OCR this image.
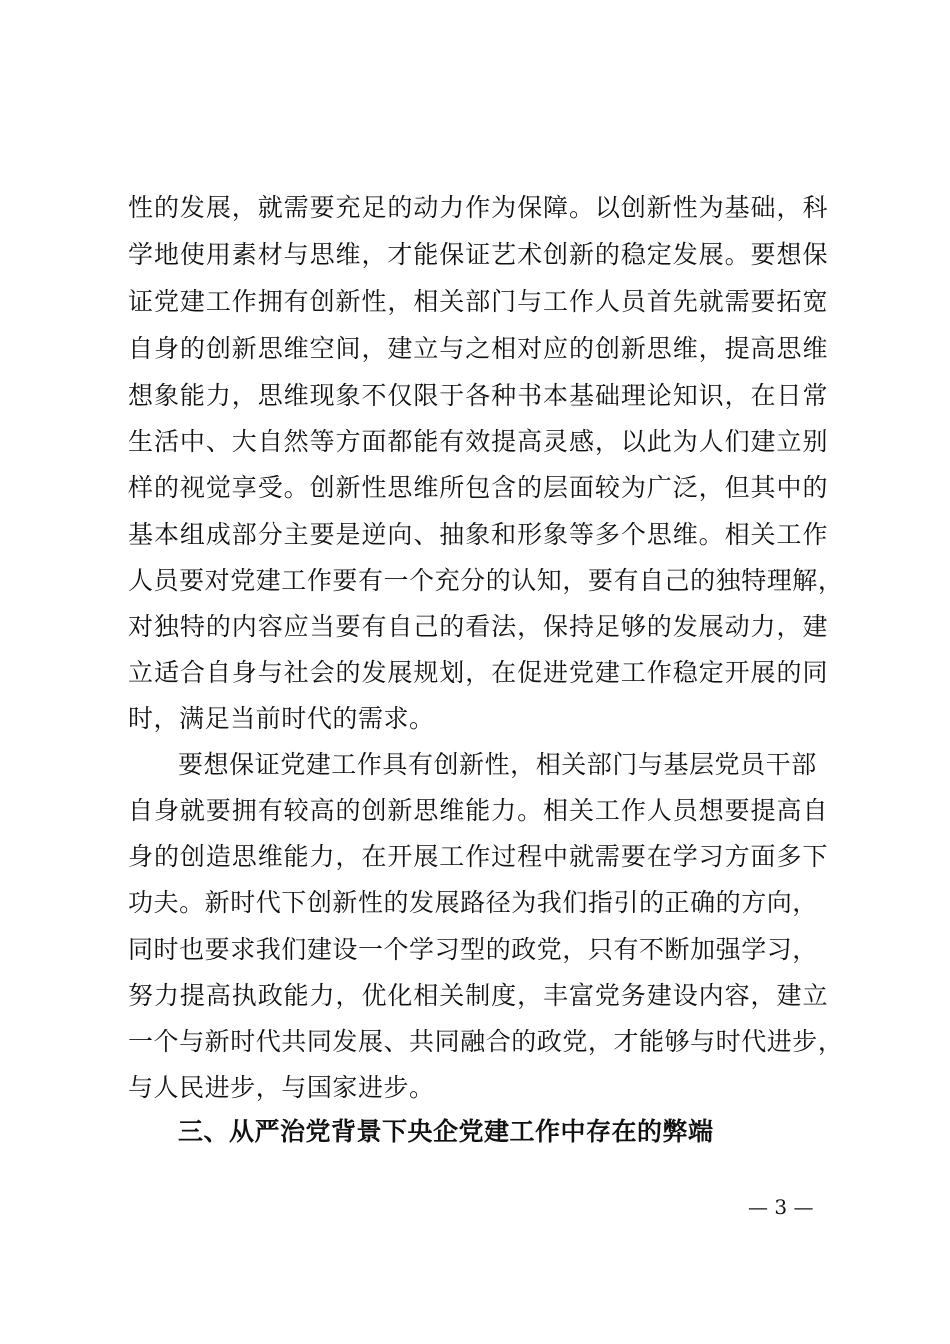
性的发展，就需要充足的动力作为保障。以创新性为基础，科
学地使用素材与思维，才能保证艺术创新的稳定发展。要想保
证党建工作拥有创新性，相关部门与工作人员首先就需要拓宽
自身的创新思维空间，建立与之相对应的创新思维，提高思维
想象能力，思维现象不仅限于各种书本基础理论知识，在日常
生活中、大自然等方面都能有效提高灵感，以此为人们建立别
样的视觉享受。创新性思维所包含的层面较为广泛，但其中的
基本组成部分主要是逆向、抽象和形象等多个思维。相关工作
人员要对党建工作要有一个充分的认知，要有自己的独特理解，
对独特的内容应当要有自己的看法，保持足够的发展动力，建
立适合自身与社会的发展规划，在促进党建工作稳定开展的同
时，满足当前时代的需求。
要想保证党建工作具有创新性，相关部门与基层党员干部
自身就要拥有较高的创新思维能力。相关工作人员想要提高自
身的创造思维能力，在开展工作过程中就需要在学习方面多下
功夫。新时代下创新性的发展路径为我们指引的正确的方向，
同时也要求我们建设一个学习型的政党，只有不断加强学习，
努力提高执政能力，优化相关制度，丰富党务建设内容，建立
一个与新时代共同发展、共同融合的政党，才能够与时代进步，
与人民进步，与国家进步。
三、从严治党背景下央企党建工作中存在的弊端
— 3 —
